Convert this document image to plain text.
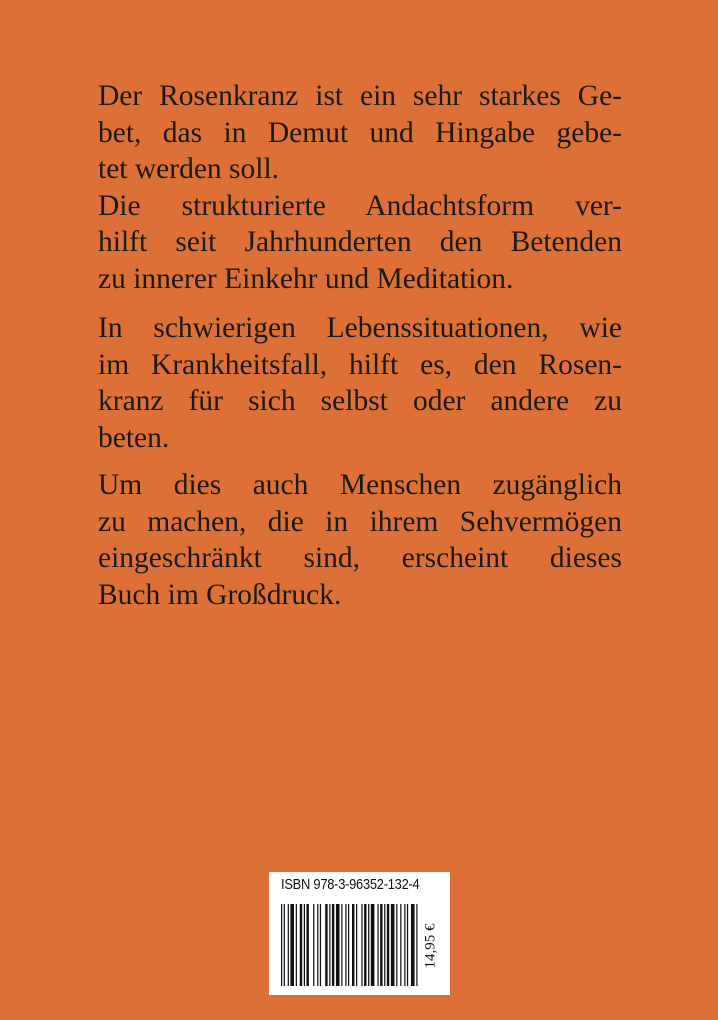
Der Rosenkranz ist ein sehr starkes Ge-
bet, das in Demut und Hingabe gebe-
tet werden soll.
Die strukturierte Andachtsform ver-
hilft seit Jahrhunderten den Betenden
zu innerer Einkehr und Meditation.
In schwierigen Lebenssituationen, wie
im Krankheitsfall, hilft es, den Rosen-
kranz für sich selbst oder andere zu
beten.
Um dies auch Menschen zugänglich
zu machen, die in ihrem Sehvermögen
eingeschränkt sind, erscheint dieses
Buch im Großdruck.
ISBN 978-3-96352-132-4
14,95 €
